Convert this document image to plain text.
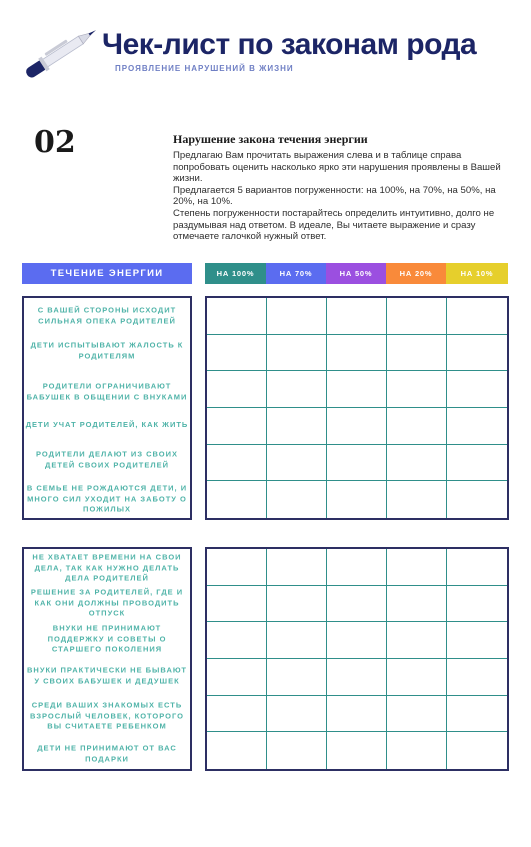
Чек-лист по законам рода
ПРОЯВЛЕНИЕ НАРУШЕНИЙ В ЖИЗНИ
02	Нарушение закона течения энергии

Предлагаю Вам прочитать выражения слева и в таблице справа попробовать оценить насколько ярко эти нарушения проявлены в Вашей жизни.

Предлагается 5 вариантов погруженности: на 100%, на 70%, на 50%, на 20%, на 10%.

Степень погруженности постарайтесь определить интуитивно, долго не раздумывая над ответом. В идеале, Вы читаете выражение и сразу отмечаете галочкой нужный ответ.

ТЕЧЕНИЕ ЭНЕРГИИ	НА 100%	НА 70%	НА 50%	НА 20%	НА 10%
С ВАШЕЙ СТОРОНЫ ИСХОДИТ СИЛЬНАЯ ОПЕКА РОДИТЕЛЕЙ
ДЕТИ ИСПЫТЫВАЮТ ЖАЛОСТЬ К РОДИТЕЛЯМ
РОДИТЕЛИ ОГРАНИЧИВАЮТ БАБУШЕК В ОБЩЕНИИ С ВНУКАМИ
ДЕТИ УЧАТ РОДИТЕЛЕЙ, КАК ЖИТЬ
РОДИТЕЛИ ДЕЛАЮТ ИЗ СВОИХ ДЕТЕЙ СВОИХ РОДИТЕЛЕЙ
В СЕМЬЕ НЕ РОЖДАЮТСЯ ДЕТИ, И МНОГО СИЛ УХОДИТ НА ЗАБОТУ О ПОЖИЛЫХ
НЕ ХВАТАЕТ ВРЕМЕНИ НА СВОИ ДЕЛА, ТАК КАК НУЖНО ДЕЛАТЬ ДЕЛА РОДИТЕЛЕЙ
РЕШЕНИЕ ЗА РОДИТЕЛЕЙ, ГДЕ И КАК ОНИ ДОЛЖНЫ ПРОВОДИТЬ ОТПУСК
ВНУКИ НЕ ПРИНИМАЮТ ПОДДЕРЖКУ И СОВЕТЫ О СТАРШЕГО ПОКОЛЕНИЯ
ВНУКИ ПРАКТИЧЕСКИ НЕ БЫВАЮТ У СВОИХ БАБУШЕК И ДЕДУШЕК
СРЕДИ ВАШИХ ЗНАКОМЫХ ЕСТЬ ВЗРОСЛЫЙ ЧЕЛОВЕК, КОТОРОГО ВЫ СЧИТАЕТЕ РЕБЕНКОМ
ДЕТИ НЕ ПРИНИМАЮТ ОТ ВАС ПОДАРКИ
